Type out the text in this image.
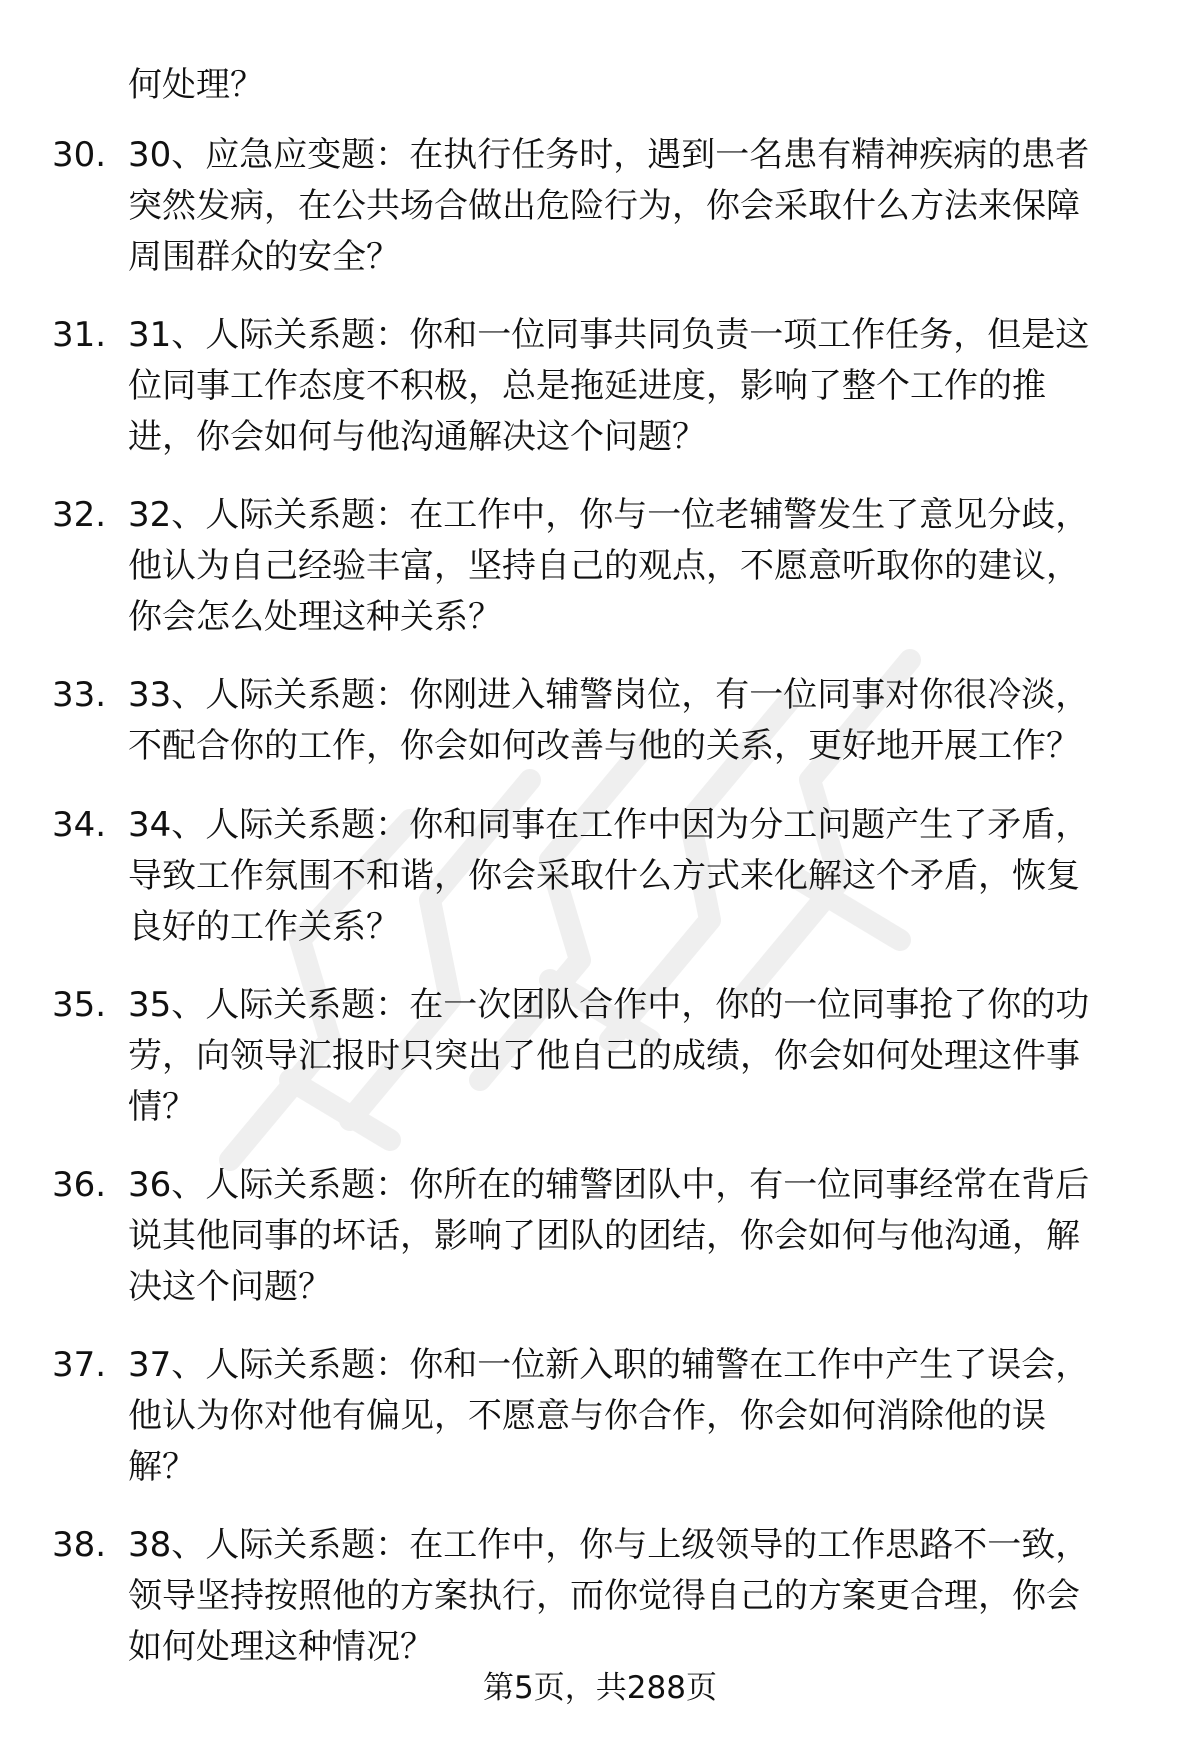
何处理？
30. 30、应急应变题：在执行任务时，遇到一名患有精神疾病的患者
突然发病，在公共场合做出危险行为，你会采取什么方法来保障
周围群众的安全？
31. 31、人际关系题：你和一位同事共同负责一项工作任务，但是这
位同事工作态度不积极，总是拖延进度，影响了整个工作的推
进，你会如何与他沟通解决这个问题？
32. 32、人际关系题：在工作中，你与一位老辅警发生了意见分歧，
他认为自己经验丰富，坚持自己的观点，不愿意听取你的建议，
你会怎么处理这种关系？
33. 33、人际关系题：你刚进入辅警岗位，有一位同事对你很冷淡，
不配合你的工作，你会如何改善与他的关系，更好地开展工作？
34. 34、人际关系题：你和同事在工作中因为分工问题产生了矛盾，
导致工作氛围不和谐，你会采取什么方式来化解这个矛盾，恢复
良好的工作关系？
35. 35、人际关系题：在一次团队合作中，你的一位同事抢了你的功
劳，向领导汇报时只突出了他自己的成绩，你会如何处理这件事
情？
36. 36、人际关系题：你所在的辅警团队中，有一位同事经常在背后
说其他同事的坏话，影响了团队的团结，你会如何与他沟通，解
决这个问题？
37. 37、人际关系题：你和一位新入职的辅警在工作中产生了误会，
他认为你对他有偏见，不愿意与你合作，你会如何消除他的误
解？
38. 38、人际关系题：在工作中，你与上级领导的工作思路不一致，
领导坚持按照他的方案执行，而你觉得自己的方案更合理，你会
如何处理这种情况？
第5页，共288页
